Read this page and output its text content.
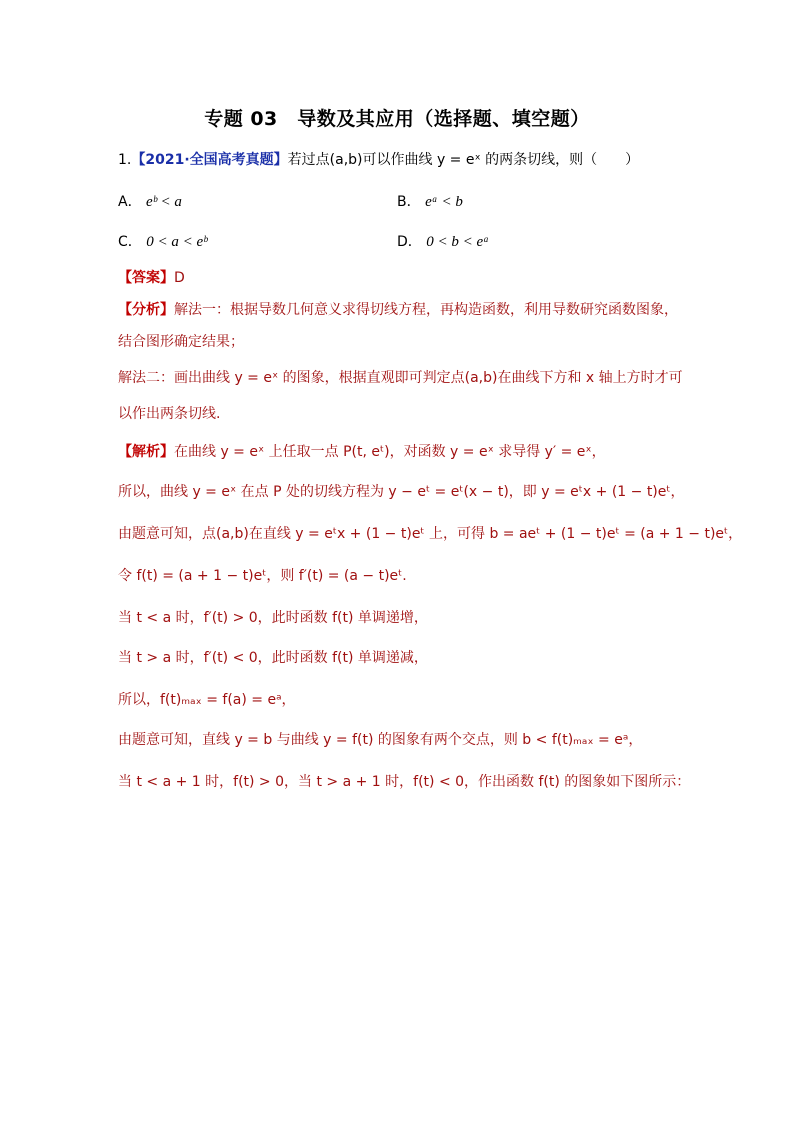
专题 03　导数及其应用（选择题、填空题）
1.【2021·全国高考真题】若过点(a,b)可以作曲线 y = eˣ 的两条切线，则（　　）
A． eᵇ < a	B． eᵃ < b
C． 0 < a < eᵇ	D． 0 < b < eᵃ
【答案】D
【分析】解法一：根据导数几何意义求得切线方程，再构造函数，利用导数研究函数图象，
结合图形确定结果；
解法二：画出曲线 y = eˣ 的图象，根据直观即可判定点(a,b)在曲线下方和 x 轴上方时才可
以作出两条切线.
【解析】在曲线 y = eˣ 上任取一点 P(t, eᵗ)，对函数 y = eˣ 求导得 y′ = eˣ，
所以，曲线 y = eˣ 在点 P 处的切线方程为 y − eᵗ = eᵗ(x − t)，即 y = eᵗx + (1 − t)eᵗ，
由题意可知，点(a,b)在直线 y = eᵗx + (1 − t)eᵗ 上，可得 b = aeᵗ + (1 − t)eᵗ = (a + 1 − t)eᵗ，
令 f(t) = (a + 1 − t)eᵗ，则 f′(t) = (a − t)eᵗ.
当 t < a 时，f′(t) > 0，此时函数 f(t) 单调递增，
当 t > a 时，f′(t) < 0，此时函数 f(t) 单调递减，
所以，f(t)ₘₐₓ = f(a) = eᵃ，
由题意可知，直线 y = b 与曲线 y = f(t) 的图象有两个交点，则 b < f(t)ₘₐₓ = eᵃ，
当 t < a + 1 时，f(t) > 0，当 t > a + 1 时，f(t) < 0，作出函数 f(t) 的图象如下图所示：
